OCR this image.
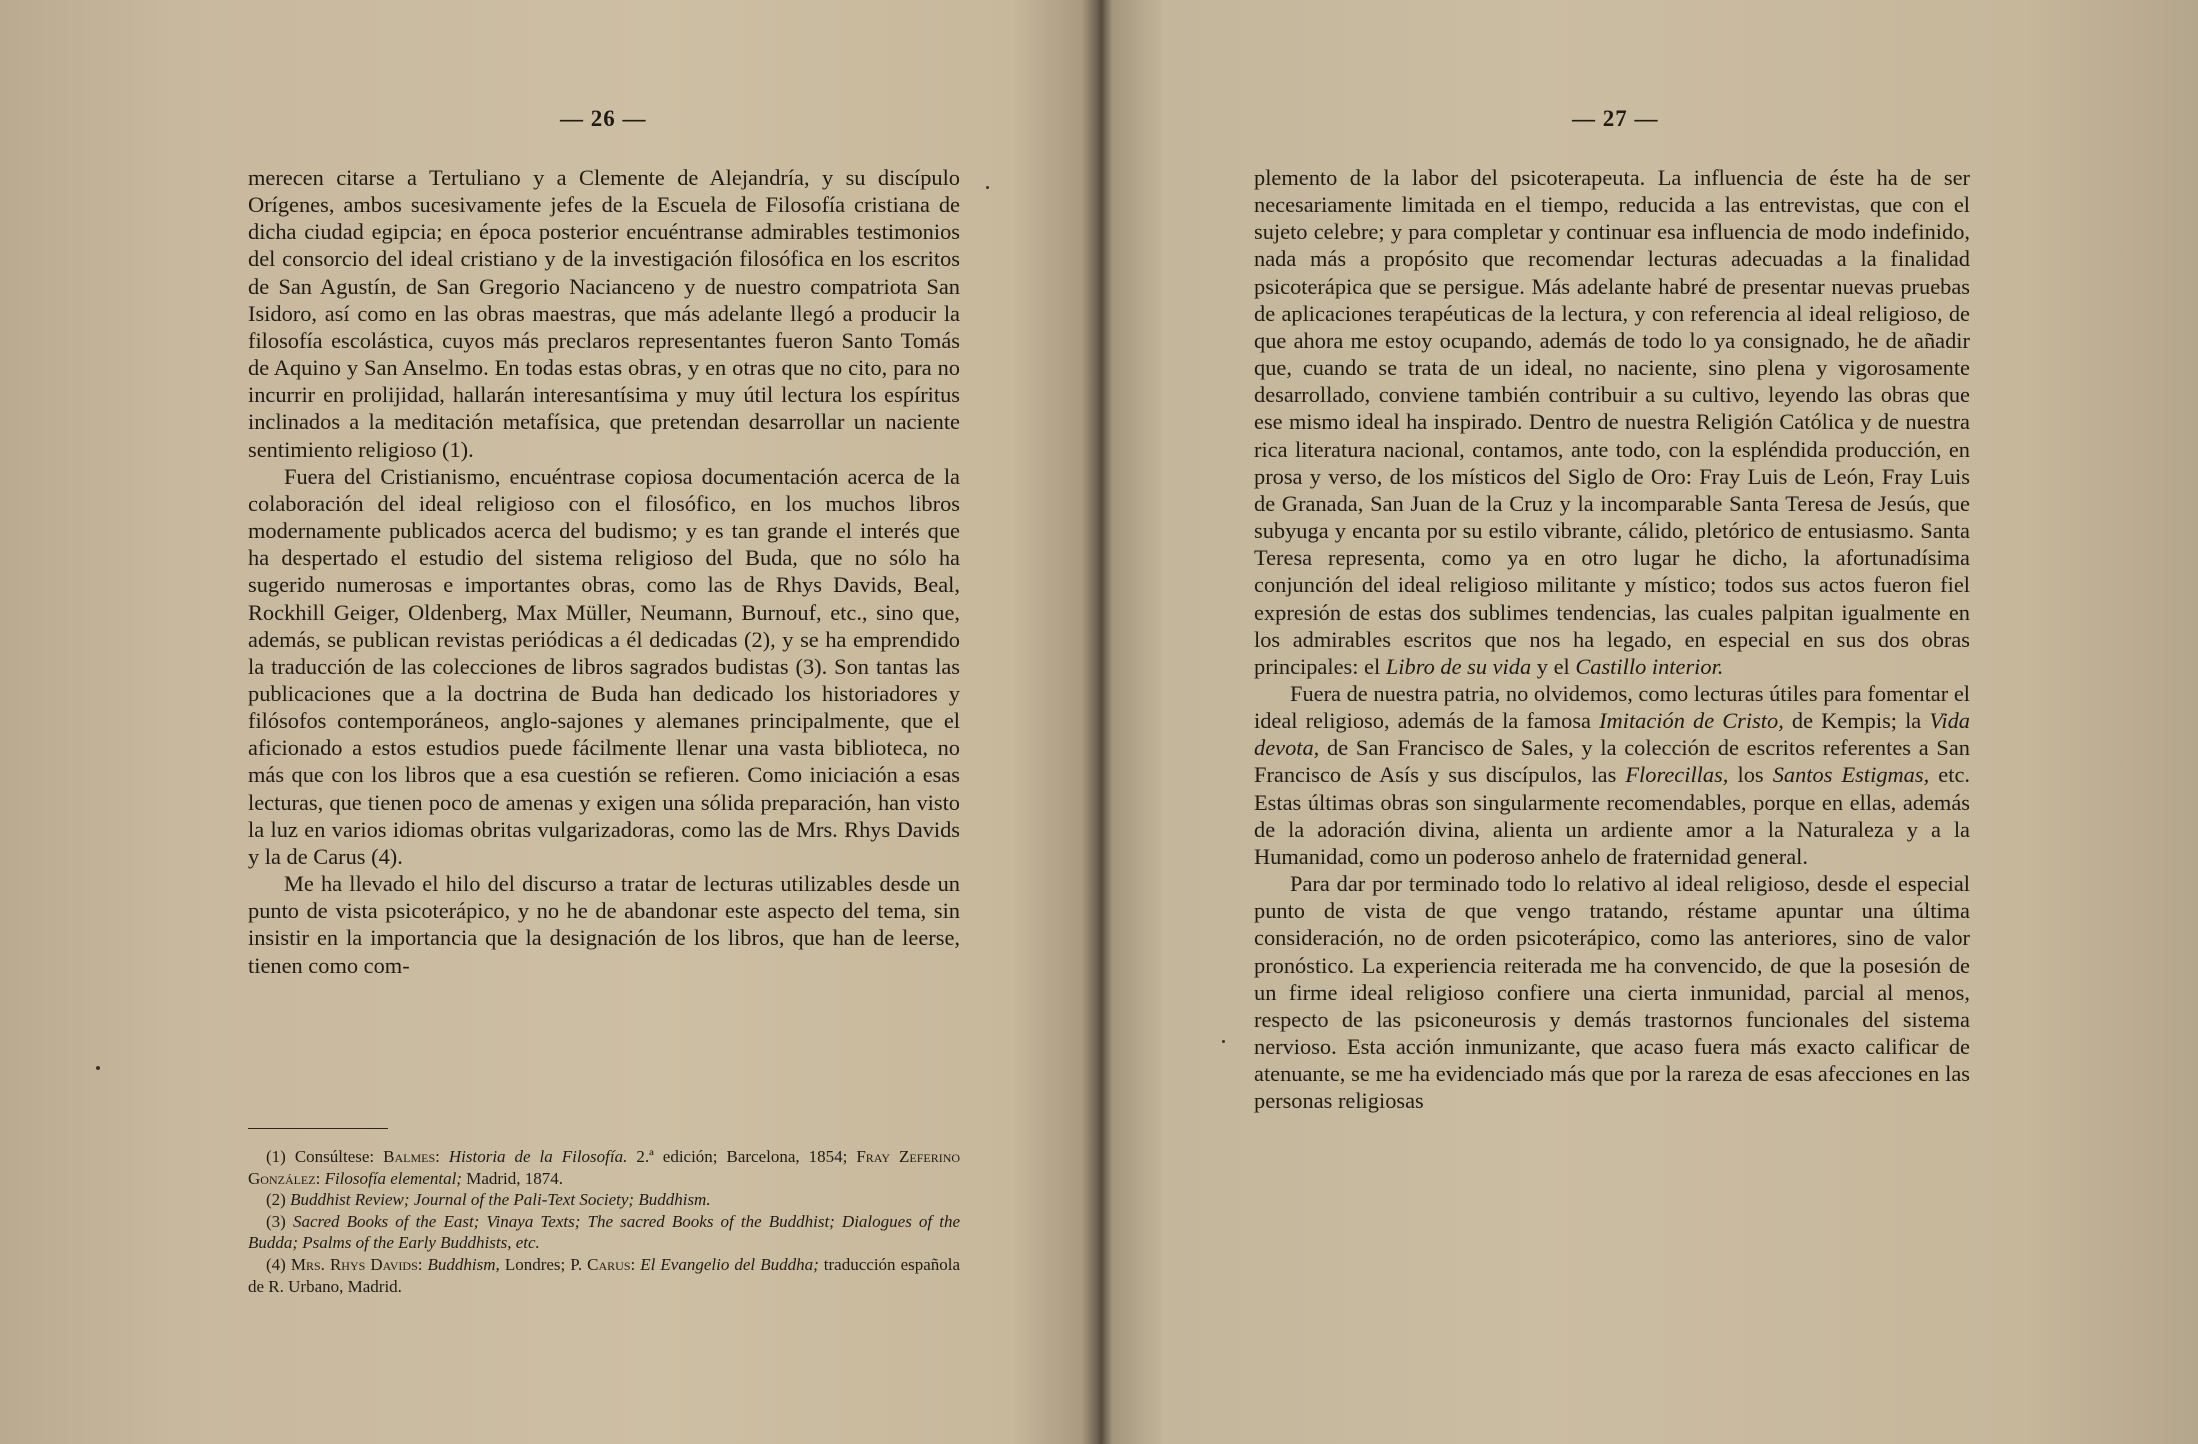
— 26 —

merecen citarse a Tertuliano y a Clemente de Alejandría, y su discípulo Orígenes, ambos sucesivamente jefes de la Escuela de Filosofía cristiana de dicha ciudad egipcia; en época posterior encuéntranse admirables testimonios del consorcio del ideal cristiano y de la investigación filosófica en los escritos de San Agustín, de San Gregorio Nacianceno y de nuestro compatriota San Isidoro, así como en las obras maestras, que más adelante llegó a producir la filosofía escolástica, cuyos más preclaros representantes fueron Santo Tomás de Aquino y San Anselmo. En todas estas obras, y en otras que no cito, para no incurrir en prolijidad, hallarán interesantísima y muy útil lectura los espíritus inclinados a la meditación metafísica, que pretendan desarrollar un naciente sentimiento religioso (1).

Fuera del Cristianismo, encuéntrase copiosa documentación acerca de la colaboración del ideal religioso con el filosófico, en los muchos libros modernamente publicados acerca del budismo; y es tan grande el interés que ha despertado el estudio del sistema religioso del Buda, que no sólo ha sugerido numerosas e importantes obras, como las de Rhys Davids, Beal, Rockhill Geiger, Oldenberg, Max Müller, Neumann, Burnouf, etc., sino que, además, se publican revistas periódicas a él dedicadas (2), y se ha emprendido la traducción de las colecciones de libros sagrados budistas (3). Son tantas las publicaciones que a la doctrina de Buda han dedicado los historiadores y filósofos contemporáneos, anglo-sajones y alemanes principalmente, que el aficionado a estos estudios puede fácilmente llenar una vasta biblioteca, no más que con los libros que a esa cuestión se refieren. Como iniciación a esas lecturas, que tienen poco de amenas y exigen una sólida preparación, han visto la luz en varios idiomas obritas vulgarizadoras, como las de Mrs. Rhys Davids y la de Carus (4).

Me ha llevado el hilo del discurso a tratar de lecturas utilizables desde un punto de vista psicoterápico, y no he de abandonar este aspecto del tema, sin insistir en la importancia que la designación de los libros, que han de leerse, tienen como com-

(1) Consúltese: Balmes: Historia de la Filosofía. 2.ª edición; Barcelona, 1854; Fray Zeferino González: Filosofía elemental; Madrid, 1874.

(2) Buddhist Review; Journal of the Pali-Text Society; Buddhism.

(3) Sacred Books of the East; Vinaya Texts; The sacred Books of the Buddhist; Dialogues of the Budda; Psalms of the Early Buddhists, etc.

(4) Mrs. Rhys Davids: Buddhism, Londres; P. Carus: El Evangelio del Buddha; traducción española de R. Urbano, Madrid.

— 27 —

plemento de la labor del psicoterapeuta. La influencia de éste ha de ser necesariamente limitada en el tiempo, reducida a las entrevistas, que con el sujeto celebre; y para completar y continuar esa influencia de modo indefinido, nada más a propósito que recomendar lecturas adecuadas a la finalidad psicoterápica que se persigue. Más adelante habré de presentar nuevas pruebas de aplicaciones terapéuticas de la lectura, y con referencia al ideal religioso, de que ahora me estoy ocupando, además de todo lo ya consignado, he de añadir que, cuando se trata de un ideal, no naciente, sino plena y vigorosamente desarrollado, conviene también contribuir a su cultivo, leyendo las obras que ese mismo ideal ha inspirado. Dentro de nuestra Religión Católica y de nuestra rica literatura nacional, contamos, ante todo, con la espléndida producción, en prosa y verso, de los místicos del Siglo de Oro: Fray Luis de León, Fray Luis de Granada, San Juan de la Cruz y la incomparable Santa Teresa de Jesús, que subyuga y encanta por su estilo vibrante, cálido, pletórico de entusiasmo. Santa Teresa representa, como ya en otro lugar he dicho, la afortunadísima conjunción del ideal religioso militante y místico; todos sus actos fueron fiel expresión de estas dos sublimes tendencias, las cuales palpitan igualmente en los admirables escritos que nos ha legado, en especial en sus dos obras principales: el Libro de su vida y el Castillo interior.

Fuera de nuestra patria, no olvidemos, como lecturas útiles para fomentar el ideal religioso, además de la famosa Imitación de Cristo, de Kempis; la Vida devota, de San Francisco de Sales, y la colección de escritos referentes a San Francisco de Asís y sus discípulos, las Florecillas, los Santos Estigmas, etc. Estas últimas obras son singularmente recomendables, porque en ellas, además de la adoración divina, alienta un ardiente amor a la Naturaleza y a la Humanidad, como un poderoso anhelo de fraternidad general.

Para dar por terminado todo lo relativo al ideal religioso, desde el especial punto de vista de que vengo tratando, réstame apuntar una última consideración, no de orden psicoterápico, como las anteriores, sino de valor pronóstico. La experiencia reiterada me ha convencido, de que la posesión de un firme ideal religioso confiere una cierta inmunidad, parcial al menos, respecto de las psiconeurosis y demás trastornos funcionales del sistema nervioso. Esta acción inmunizante, que acaso fuera más exacto calificar de atenuante, se me ha evidenciado más que por la rareza de esas afecciones en las personas religiosas
